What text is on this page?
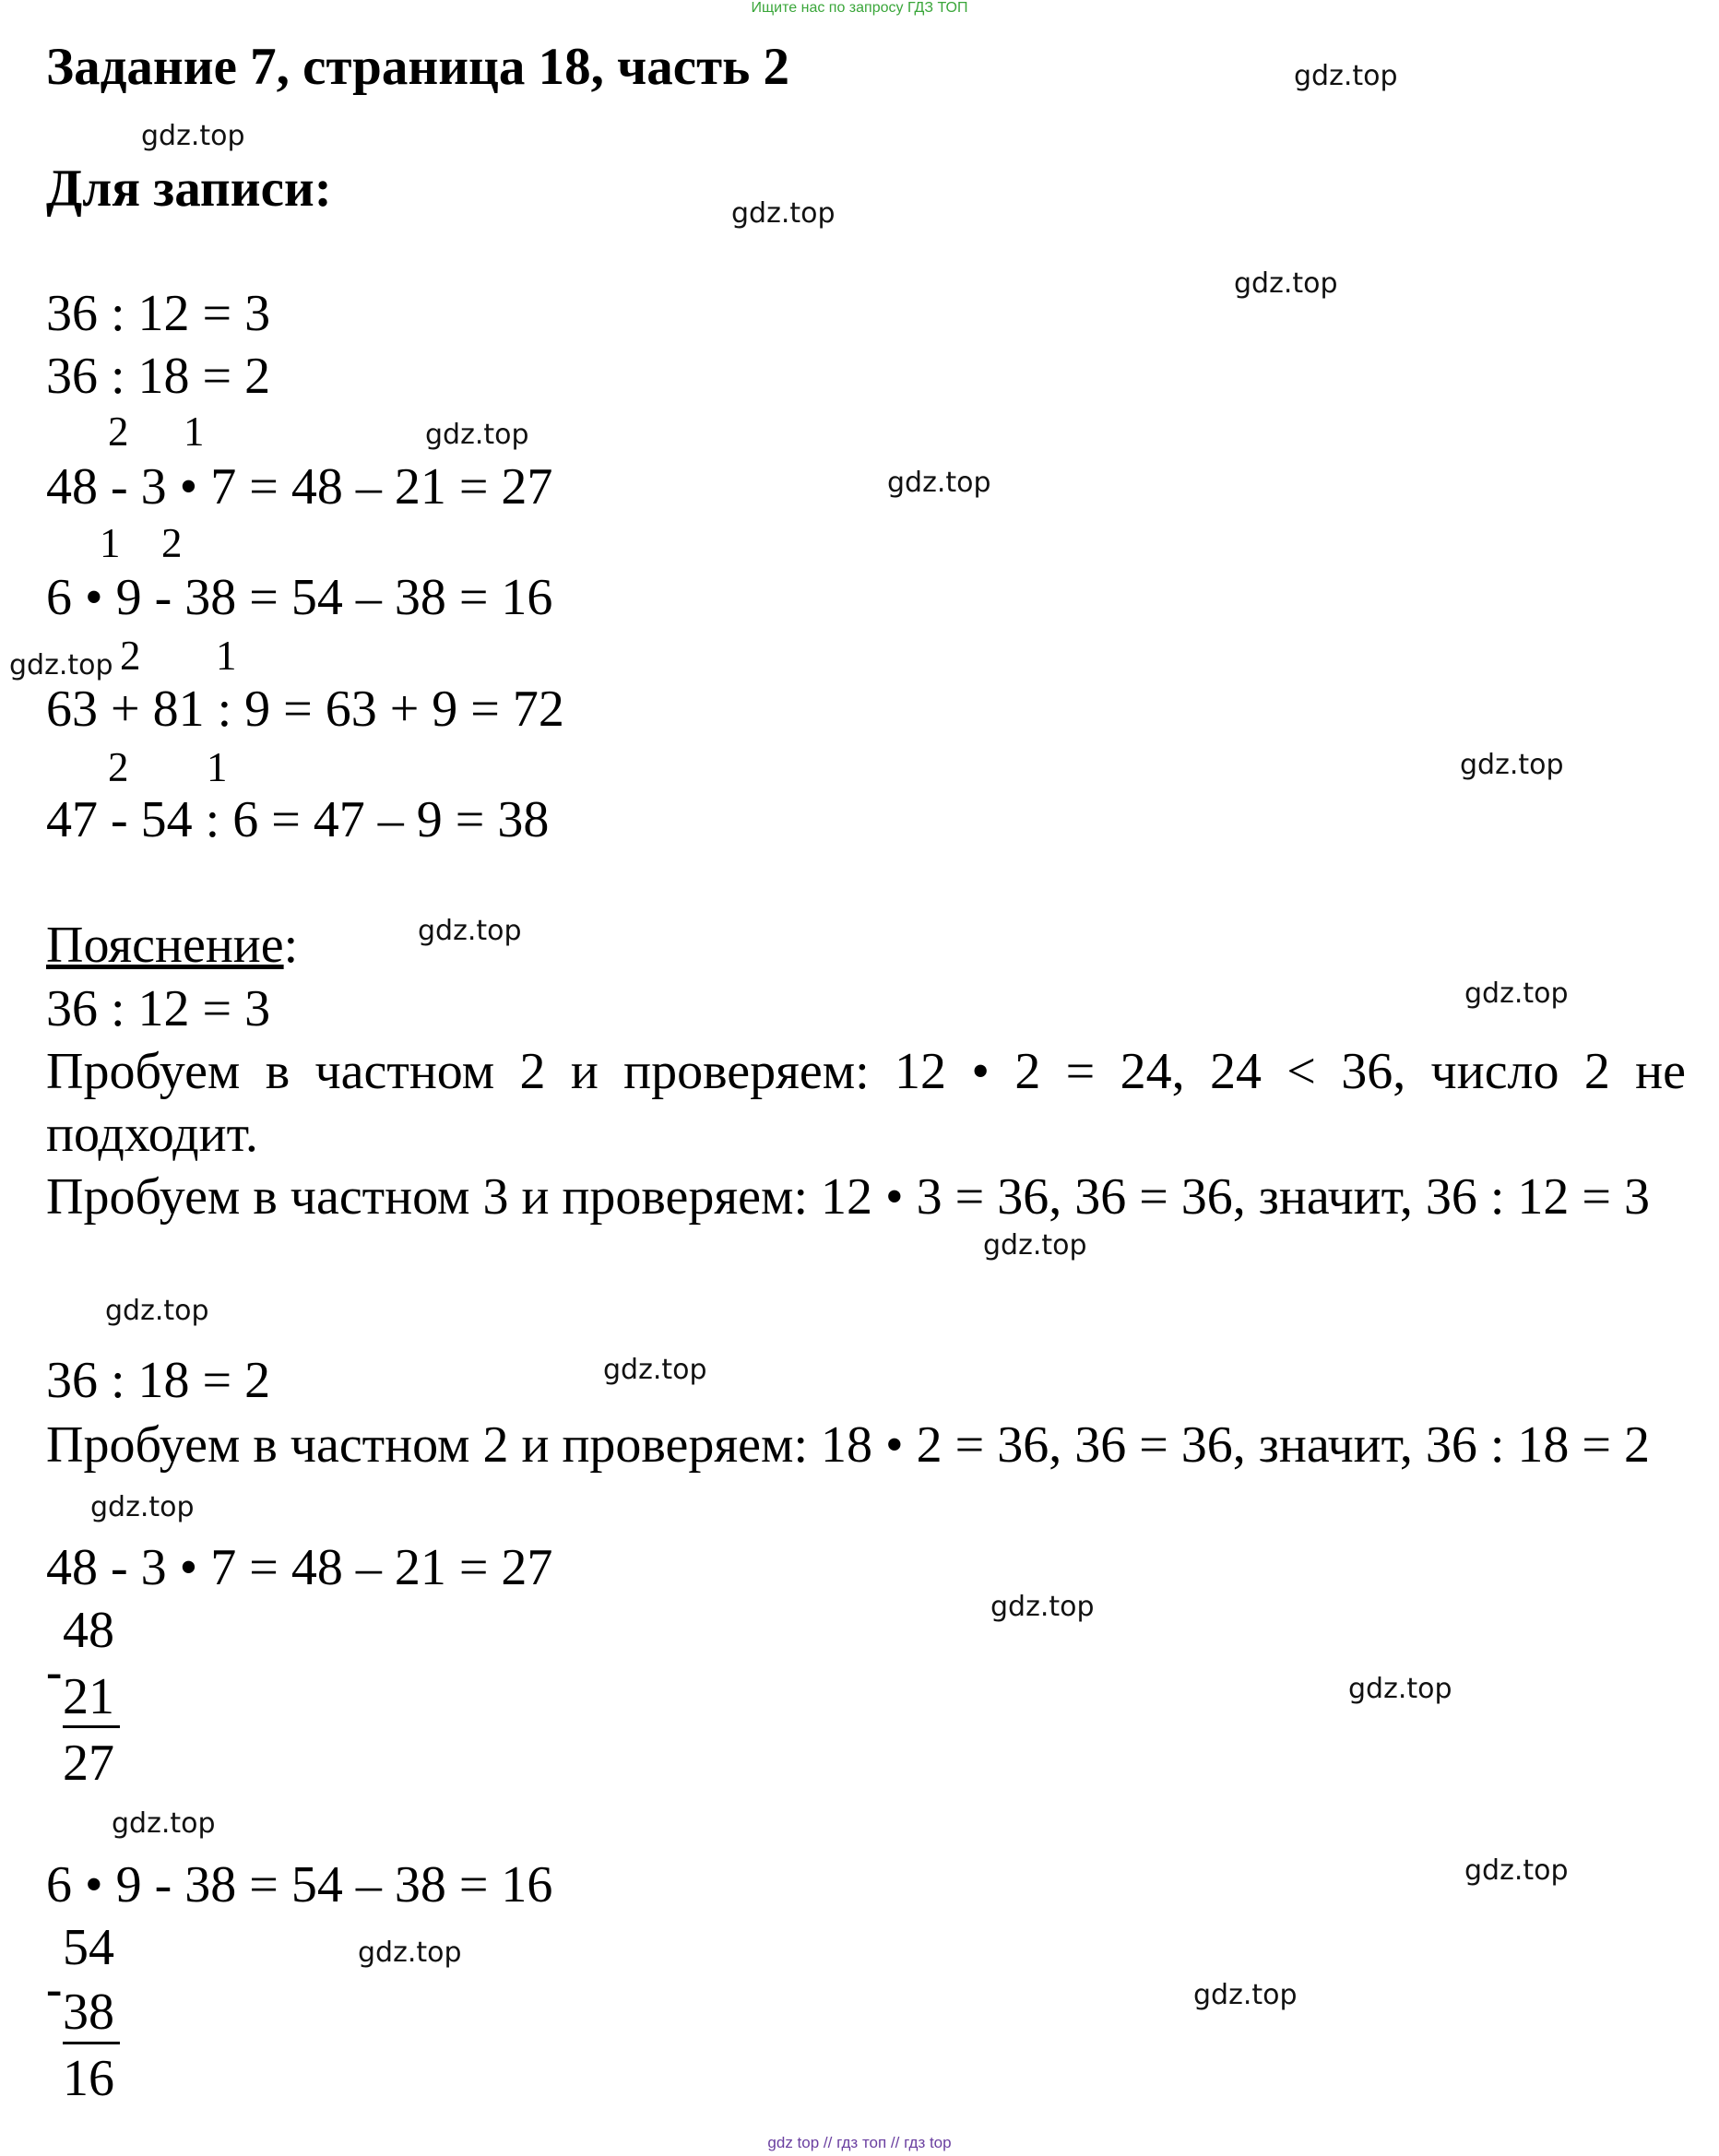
Ищите нас по запросу ГДЗ ТОП
Задание 7, страница 18, часть 2
Для записи:
36 : 12 = 3
36 : 18 = 2
2 1
48 - 3 • 7 = 48 – 21 = 27
1 2
6 • 9 - 38 = 54 – 38 = 16
2 1
63 + 81 : 9 = 63 + 9 = 72
2 1
47 - 54 : 6 = 47 – 9 = 38
Пояснение:
36 : 12 = 3
Пробуем в частном 2 и проверяем: 12 • 2 = 24, 24 < 36, число 2 не подходит.
Пробуем в частном 3 и проверяем: 12 • 3 = 36, 36 = 36, значит, 36 : 12 = 3
36 : 18 = 2
Пробуем в частном 2 и проверяем: 18 • 2 = 36, 36 = 36, значит, 36 : 18 = 2
48 - 3 • 7 = 48 – 21 = 27
48
- 21
27
6 • 9 - 38 = 54 – 38 = 16
54
- 38
16
gdz.top
gdz.top
gdz.top
gdz.top
gdz.top
gdz.top
gdz.top
gdz.top
gdz.top
gdz.top
gdz.top
gdz.top
gdz.top
gdz.top
gdz.top
gdz.top
gdz.top
gdz.top
gdz.top
gdz.top
gdz top // гдз топ // гдз top
